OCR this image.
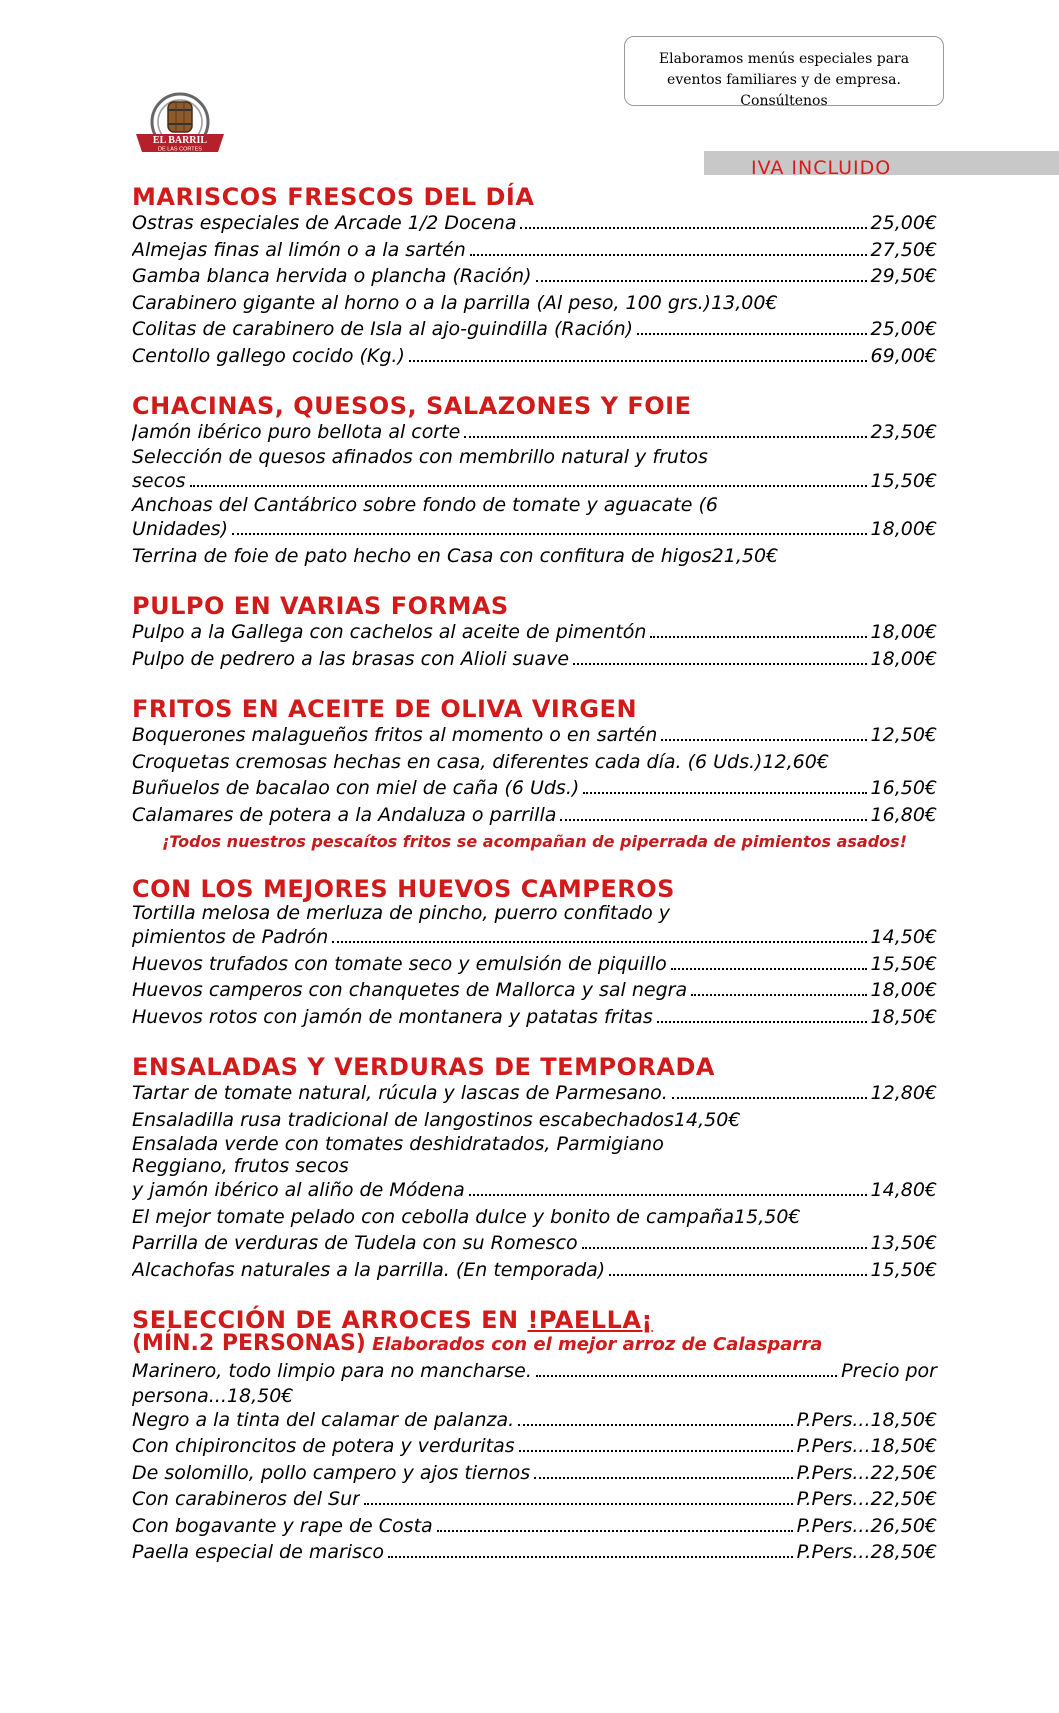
Elaboramos menús especiales para
eventos familiares y de empresa.
Consúltenos
EL BARRIL
DE LAS CORTES
IVA INCLUIDO
MARISCOS FRESCOS DEL DÍA
Ostras especiales de Arcade 1/2 Docena	25,00€
Almejas finas al limón o a la sartén	27,50€
Gamba blanca hervida o plancha (Ración)	29,50€
Carabinero gigante al horno o a la parrilla (Al peso, 100 grs.) 13,00€
Colitas de carabinero de Isla al ajo-guindilla (Ración)	25,00€
Centollo gallego cocido (Kg.)	69,00€
CHACINAS, QUESOS, SALAZONES Y FOIE
Jamón ibérico puro bellota al corte	23,50€
Selección de quesos afinados con membrillo natural y frutos
secos	15,50€
Anchoas del Cantábrico sobre fondo de tomate y aguacate (6
Unidades)	18,00€
Terrina de foie de pato hecho en Casa con confitura de higos 21,50€
PULPO EN VARIAS FORMAS
Pulpo a la Gallega con cachelos al aceite de pimentón	18,00€
Pulpo de pedrero a las brasas con Alioli suave	18,00€
FRITOS EN ACEITE DE OLIVA VIRGEN
Boquerones malagueños fritos al momento o en sartén	12,50€
Croquetas cremosas hechas en casa, diferentes cada día. (6 Uds.) 12,60€
Buñuelos de bacalao con miel de caña (6 Uds.)	16,50€
Calamares de potera a la Andaluza o parrilla	16,80€
¡Todos nuestros pescaítos fritos se acompañan de piperrada de pimientos asados!
CON LOS MEJORES HUEVOS CAMPEROS
Tortilla melosa de merluza de pincho, puerro confitado y
pimientos de Padrón	14,50€
Huevos trufados con tomate seco y emulsión de piquillo	15,50€
Huevos camperos con chanquetes de Mallorca y sal negra	18,00€
Huevos rotos con jamón de montanera y patatas fritas	18,50€
ENSALADAS Y VERDURAS DE TEMPORADA
Tartar de tomate natural, rúcula y lascas de Parmesano.	12,80€
Ensaladilla rusa tradicional de langostinos escabechados 14,50€
Ensalada verde con tomates deshidratados, Parmigiano
Reggiano, frutos secos
y jamón ibérico al aliño de Módena	14,80€
El mejor tomate pelado con cebolla dulce y bonito de campaña 15,50€
Parrilla de verduras de Tudela con su Romesco	13,50€
Alcachofas naturales a la parrilla. (En temporada)	15,50€
SELECCIÓN DE ARROCES EN !PAELLA¡
(MÍN.2 PERSONAS) Elaborados con el mejor arroz de Calasparra
Marinero, todo limpio para no mancharse.	Precio por
persona...18,50€
Negro a la tinta del calamar de palanza.	P.Pers...18,50€
Con chipironcitos de potera y verduritas	P.Pers...18,50€
De solomillo, pollo campero y ajos tiernos	P.Pers...22,50€
Con carabineros del Sur	P.Pers...22,50€
Con bogavante y rape de Costa	P.Pers...26,50€
Paella especial de marisco	P.Pers...28,50€
